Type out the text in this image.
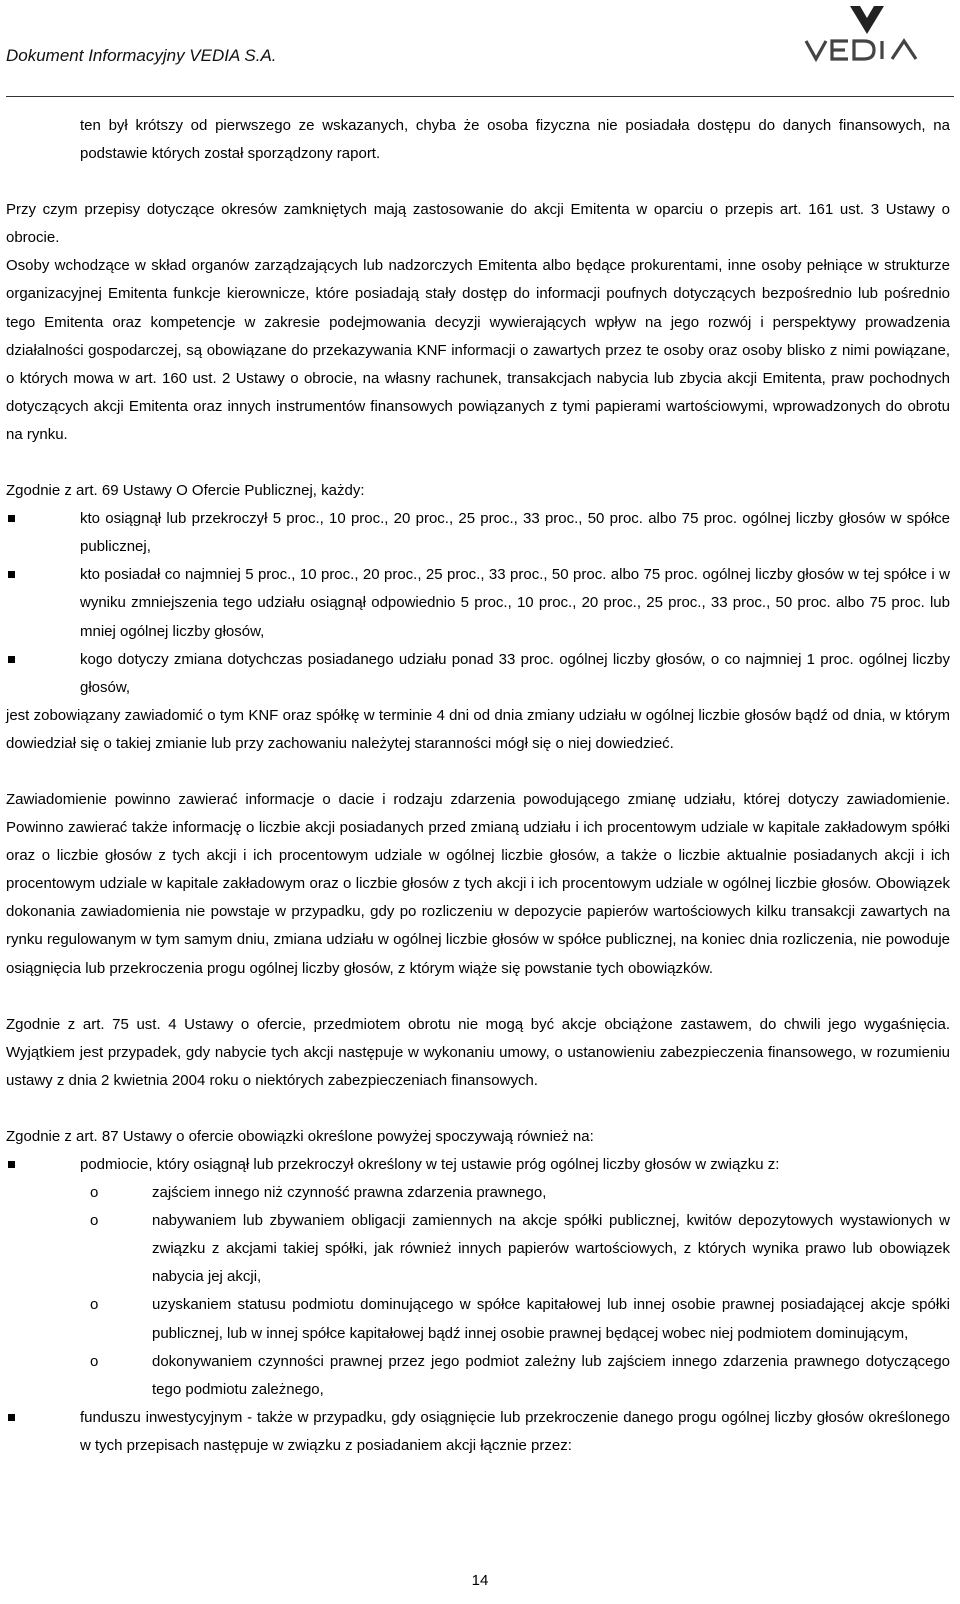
Dokument Informacyjny VEDIA S.A.

ten był krótszy od pierwszego ze wskazanych, chyba że osoba fizyczna nie posiadała dostępu do danych finansowych, na podstawie których został sporządzony raport.

Przy czym przepisy dotyczące okresów zamkniętych mają zastosowanie do akcji Emitenta w oparciu o przepis art. 161 ust. 3 Ustawy o obrocie.

Osoby wchodzące w skład organów zarządzających lub nadzorczych Emitenta albo będące prokurentami, inne osoby pełniące w strukturze organizacyjnej Emitenta funkcje kierownicze, które posiadają stały dostęp do informacji poufnych dotyczących bezpośrednio lub pośrednio tego Emitenta oraz kompetencje w zakresie podejmowania decyzji wywierających wpływ na jego rozwój i perspektywy prowadzenia działalności gospodarczej, są obowiązane do przekazywania KNF informacji o zawartych przez te osoby oraz osoby blisko z nimi powiązane, o których mowa w art. 160 ust. 2 Ustawy o obrocie, na własny rachunek, transakcjach nabycia lub zbycia akcji Emitenta, praw pochodnych dotyczących akcji Emitenta oraz innych instrumentów finansowych powiązanych z tymi papierami wartościowymi, wprowadzonych do obrotu na rynku.

Zgodnie z art. 69 Ustawy O Ofercie Publicznej, każdy:

kto osiągnął lub przekroczył 5 proc., 10 proc., 20 proc., 25 proc., 33 proc., 50 proc. albo 75 proc. ogólnej liczby głosów w spółce publicznej,
kto posiadał co najmniej 5 proc., 10 proc., 20 proc., 25 proc., 33 proc., 50 proc. albo 75 proc. ogólnej liczby głosów w tej spółce i w wyniku zmniejszenia tego udziału osiągnął odpowiednio 5 proc., 10 proc., 20 proc., 25 proc., 33 proc., 50 proc. albo 75 proc. lub mniej ogólnej liczby głosów,
kogo dotyczy zmiana dotychczas posiadanego udziału ponad 33 proc. ogólnej liczby głosów, o co najmniej 1 proc. ogólnej liczby głosów,

jest zobowiązany zawiadomić o tym KNF oraz spółkę w terminie 4 dni od dnia zmiany udziału w ogólnej liczbie głosów bądź od dnia, w którym dowiedział się o takiej zmianie lub przy zachowaniu należytej staranności mógł się o niej dowiedzieć.

Zawiadomienie powinno zawierać informacje o dacie i rodzaju zdarzenia powodującego zmianę udziału, której dotyczy zawiadomienie. Powinno zawierać także informację o liczbie akcji posiadanych przed zmianą udziału i ich procentowym udziale w kapitale zakładowym spółki oraz o liczbie głosów z tych akcji i ich procentowym udziale w ogólnej liczbie głosów, a także o liczbie aktualnie posiadanych akcji i ich procentowym udziale w kapitale zakładowym oraz o liczbie głosów z tych akcji i ich procentowym udziale w ogólnej liczbie głosów. Obowiązek dokonania zawiadomienia nie powstaje w przypadku, gdy po rozliczeniu w depozycie papierów wartościowych kilku transakcji zawartych na rynku regulowanym w tym samym dniu, zmiana udziału w ogólnej liczbie głosów w spółce publicznej, na koniec dnia rozliczenia, nie powoduje osiągnięcia lub przekroczenia progu ogólnej liczby głosów, z którym wiąże się powstanie tych obowiązków.

Zgodnie z art. 75 ust. 4 Ustawy o ofercie, przedmiotem obrotu nie mogą być akcje obciążone zastawem, do chwili jego wygaśnięcia. Wyjątkiem jest przypadek, gdy nabycie tych akcji następuje w wykonaniu umowy, o ustanowieniu zabezpieczenia finansowego, w rozumieniu ustawy z dnia 2 kwietnia 2004 roku o niektórych zabezpieczeniach finansowych.

Zgodnie z art. 87 Ustawy o ofercie obowiązki określone powyżej spoczywają również na:

podmiocie, który osiągnął lub przekroczył określony w tej ustawie próg ogólnej liczby głosów w związku z:
o	zajściem innego niż czynność prawna zdarzenia prawnego,
o	nabywaniem lub zbywaniem obligacji zamiennych na akcje spółki publicznej, kwitów depozytowych wystawionych w związku z akcjami takiej spółki, jak również innych papierów wartościowych, z których wynika prawo lub obowiązek nabycia jej akcji,
o	uzyskaniem statusu podmiotu dominującego w spółce kapitałowej lub innej osobie prawnej posiadającej akcje spółki publicznej, lub w innej spółce kapitałowej bądź innej osobie prawnej będącej wobec niej podmiotem dominującym,
o	dokonywaniem czynności prawnej przez jego podmiot zależny lub zajściem innego zdarzenia prawnego dotyczącego tego podmiotu zależnego,
funduszu inwestycyjnym - także w przypadku, gdy osiągnięcie lub przekroczenie danego progu ogólnej liczby głosów określonego w tych przepisach następuje w związku z posiadaniem akcji łącznie przez:
14
